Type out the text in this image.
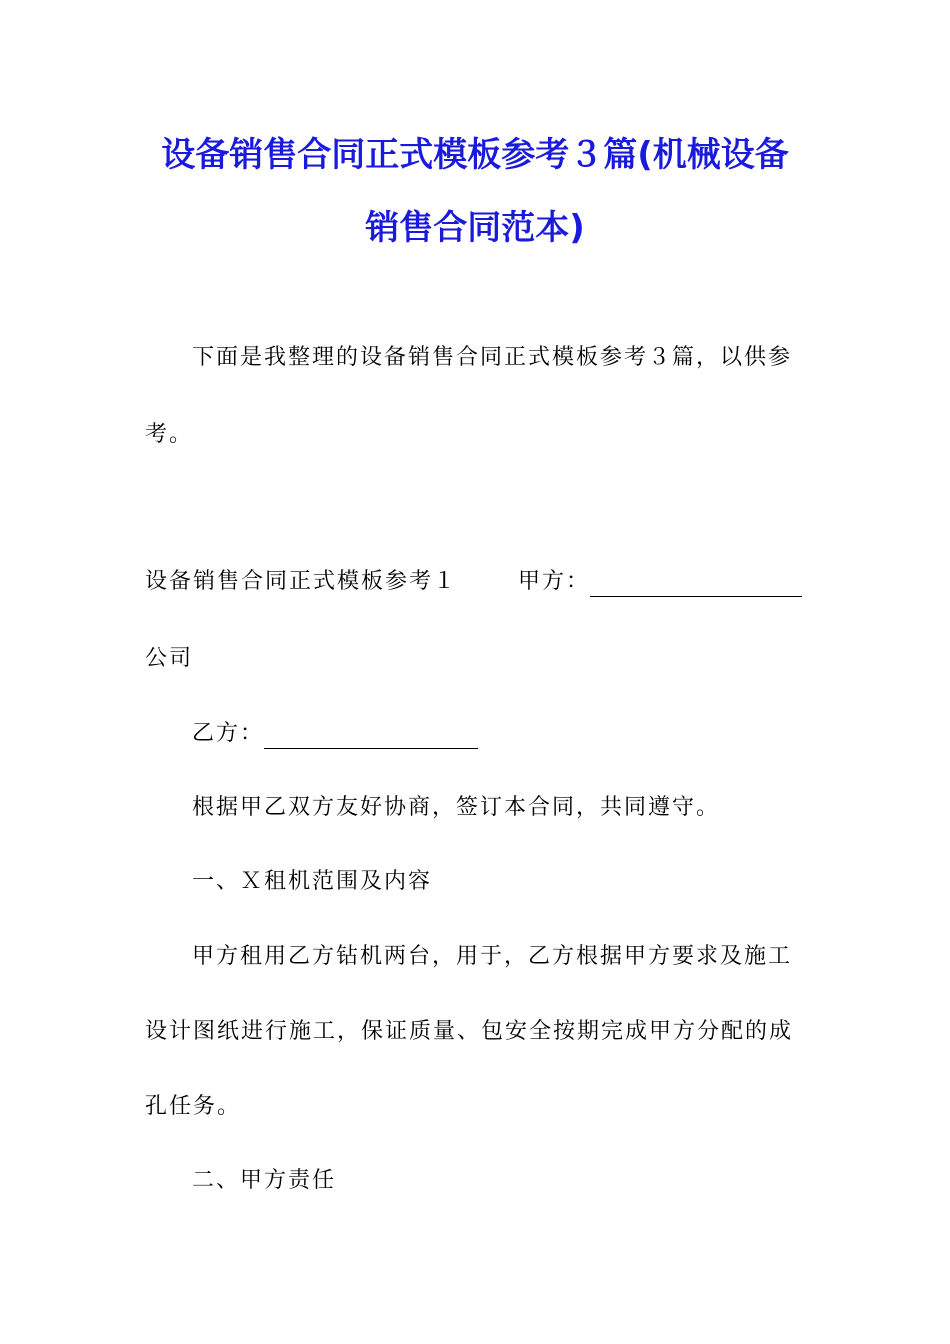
设备销售合同正式模板参考３篇(机械设备
销售合同范本)
下面是我整理的设备销售合同正式模板参考３篇，以供参
考。
设备销售合同正式模板参考１	甲方：
公司
乙方：
根据甲乙双方友好协商，签订本合同，共同遵守。
一、Ｘ租机范围及内容
甲方租用乙方钻机两台，用于，乙方根据甲方要求及施工
设计图纸进行施工，保证质量、包安全按期完成甲方分配的成
孔任务。
二、甲方责任
